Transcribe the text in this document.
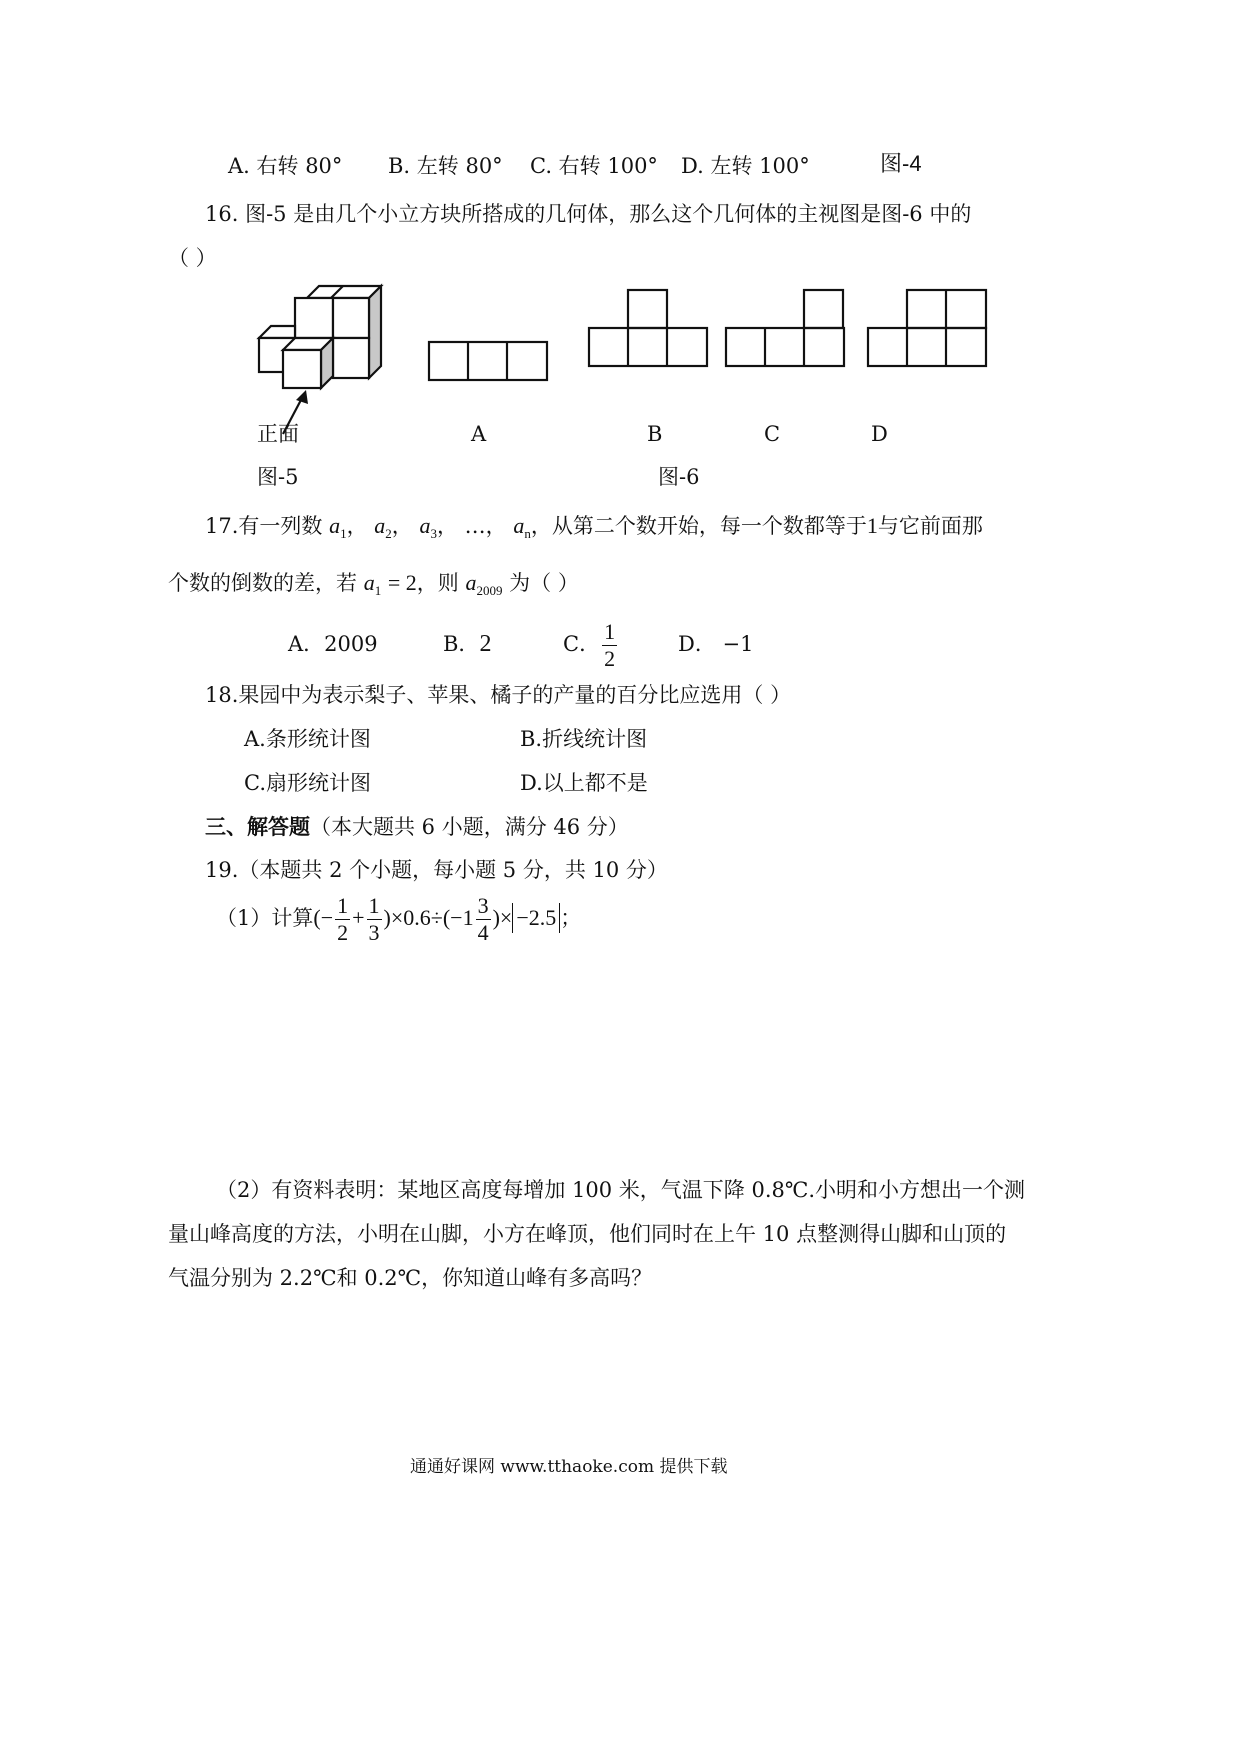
A. 右转 80° B. 左转 80° C. 右转 100° D. 左转 100°	图-4
16. 图-5 是由几个小立方块所搭成的几何体，那么这个几何体的主视图是图-6 中的
（ ）
正面	A	B	C	D
图-5	图-6
17.有一列数 $a_1$， $a_2$， $a_3$， …， $a_n$，从第二个数开始，每一个数都等于1与它前面那
个数的倒数的差，若 $a_1 = 2$，则 $a_{2009}$ 为（ ）
A．2009	B．2	C． $\frac{1}{2}$	D． −1
18.果园中为表示梨子、苹果、橘子的产量的百分比应选用（ ）
A.条形统计图	B.折线统计图
C.扇形统计图	D.以上都不是
三、解答题（本大题共 6 小题，满分 46 分）
19.（本题共 2 个小题，每小题 5 分，共 10 分）
（1）计算(− $\frac{1}{2} + \frac{1}{3} )\times 0.6\div(-1 \frac{3}{4}$ )× −2.5 ；
（2）有资料表明：某地区高度每增加 100 米，气温下降 0.8℃.小明和小方想出一个测
量山峰高度的方法，小明在山脚，小方在峰顶，他们同时在上午 10 点整测得山脚和山顶的
气温分别为 2.2℃和 0.2℃，你知道山峰有多高吗？
通通好课网 www.tthaoke.com 提供下载
